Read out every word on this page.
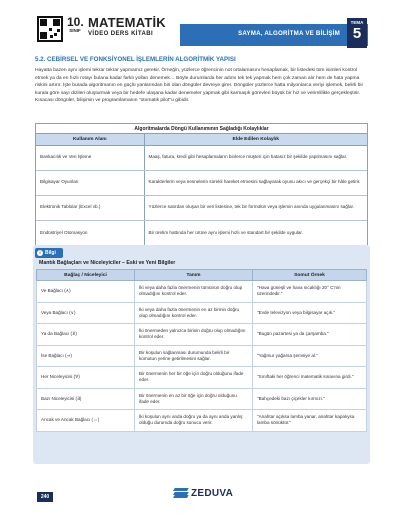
10.
SINIF
MATEMATİK
VİDEO DERS KİTABI	SAYMA, ALGORİTMA VE BİLİŞİM
TEMA
5
5.2. CEBİRSEL VE FONKSİYONEL İŞLEMLERİN ALGORİTMİK YAPISI
Hayatta bazen aynı işlemi tekrar tekrar yapmamız gerekir. Örneğin, yüzlerce öğrencinin not ortalamasını hesaplamak, bir listedeki tüm isimleri kontrol etmek ya da en hızlı rotayı bulana kadar farklı yolları denemek… Böyle durumlarda her adımı tek tek yapmak hem çok zaman alır hem de hata yapma riskini artırır. İşte burada algoritmanın en güçlü yanlarından biri olan döngüler devreye girer. Döngüler yüzlerce hatta milyonlarca veriyi işlemek, belirli bir kurala göre sayı dizileri oluşturmak veya bir hedefe ulaşana kadar denemeler yapmak gibi karmaşık görevleri büyük bir hız ve verimlilikle gerçekleştirir. Kısacası döngüler, bilişimin ve programlamanın "otomatik pilot"u gibidir.
Algoritmalarda Döngü Kullanımının Sağladığı Kolaylıklar
Kullanım Alanı	Elde Edilen Kolaylık
Bankacılık ve Veri İşleme	Maaş, fatura, kredi gibi hesaplamaların binlerce müşteri için hatasız bir şekilde yapılmasını sağlar.
Bilgisayar Oyunları	Karakterlerin veya nesnelerin sürekli hareket etmesini sağlayarak oyunu akıcı ve gerçekçi bir hâle getirir.
Elektronik Tablolar (Excel vb.)	Yüzlerce satırdan oluşan bir veri listesine, tek bir formülün veya işlemin anında uygulanmasını sağlar.
Endüstriyel Otomasyon	Bir üretim hattında her ürüne aynı işlemi hızlı ve standart bir şekilde uygular.
i Bilgi
Mantık Bağlaçları ve Niceleyiciler – Eski ve Yeni Bilgiler
Bağlaç / Niceleyici	Tanım	Somut Örnek
Ve Bağlacı (∧)	İki veya daha fazla önermenin tümünün doğru olup olmadığını kontrol eder.	"Hava güneşli ve hava sıcaklığı 20° C'nin üzerindedir."
Veya Bağlacı (∨)	İki veya daha fazla önermenin en az birinin doğru olup olmadığını kontrol eder.	"Evde televizyon veya bilgisayar açık."
Ya da Bağlacı (⊻)	İki önermeden yalnızca birinin doğru olup olmadığını kontrol eder.	"Bugün pazartesi ya da çarşamba."
İse Bağlacı (⇒)	Bir koşulun sağlanması durumunda belirli bir komutun yerine getirilmesini sağlar.	"Yağmur yağarsa şemsiye al."
Her Niceleyicisi (∀)	Bir önermenin her bir öğe için doğru olduğunu ifade eder.	"Sınıftaki her öğrenci matematik sınavına girdi."
Bazı Niceleyicisi (∃)	Bir önermenin en az bir öğe için doğru olduğunu ifade eder.	"Bahçedeki bazı çiçekler kırmızı."
Ancak ve Ancak Bağlacı (⇔)	İki koşulun aynı anda doğru ya da aynı anda yanlış olduğu durumda doğru sonucu verir.	"Anahtar açıksa lamba yanar, anahtar kapalıysa lamba sönüktür."
240	ZEDUVA
